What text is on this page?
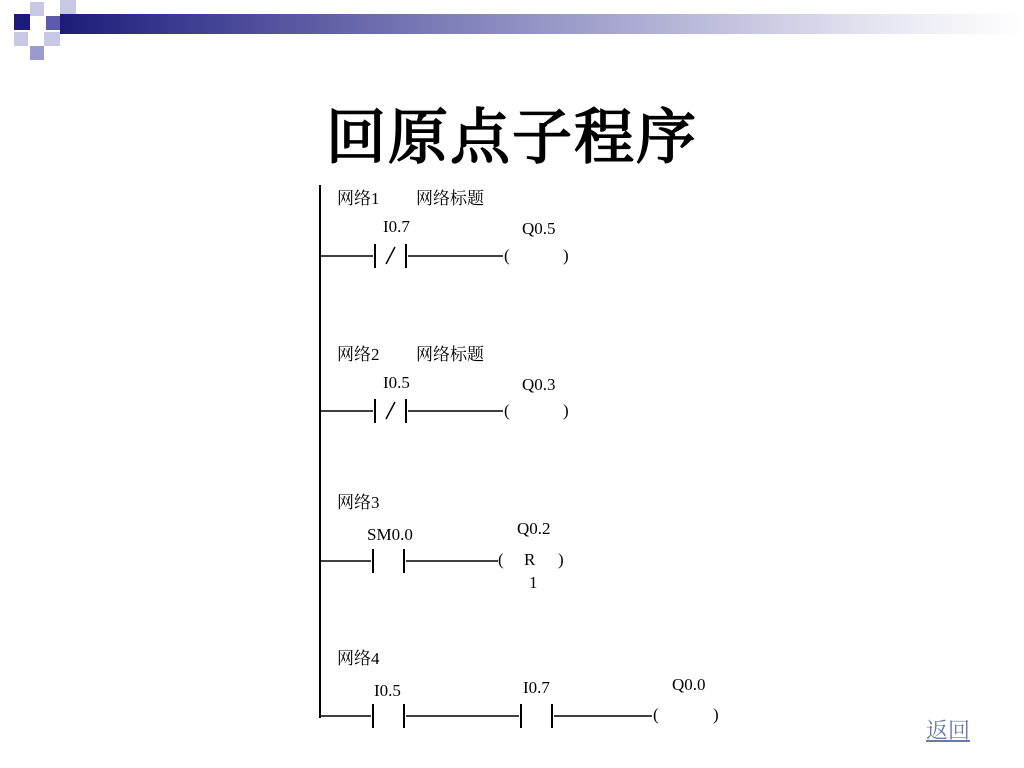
回原点子程序
网络1 网络标题
I0.7	Q0.5
(	)
网络2 网络标题
I0.5	Q0.3
(	)
网络3
SM0.0	Q0.2
( R )
1
网络4
I0.5	I0.7	Q0.0
(	)
返回
